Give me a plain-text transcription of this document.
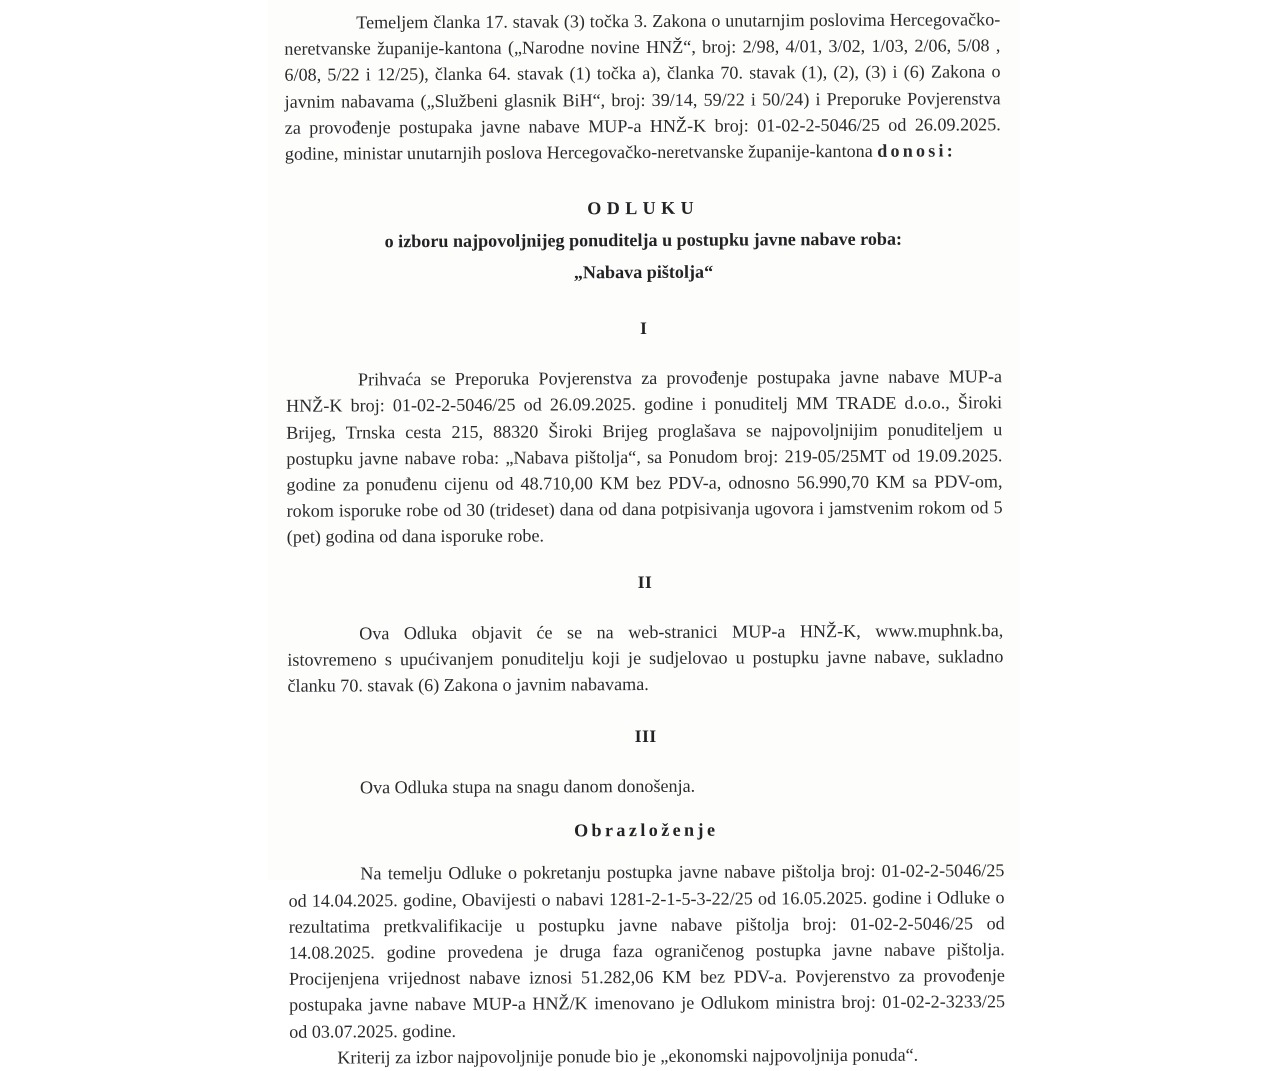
Temeljem članka 17. stavak (3) točka 3. Zakona o unutarnjim poslovima Hercegovačko-neretvanske županije-kantona („Narodne novine HNŽ“, broj: 2/98, 4/01, 3/02, 1/03, 2/06, 5/08 , 6/08, 5/22 i 12/25), članka 64. stavak (1) točka a), članka 70. stavak (1), (2), (3) i (6) Zakona o javnim nabavama („Službeni glasnik BiH“, broj: 39/14, 59/22 i 50/24) i Preporuke Povjerenstva za provođenje postupaka javne nabave MUP-a HNŽ-K broj: 01-02-2-5046/25 od 26.09.2025. godine, ministar unutarnjih poslova Hercegovačko-neretvanske županije-kantona donosi:

ODLUKU

o izboru najpovoljnijeg ponuditelja u postupku javne nabave roba:

„Nabava pištolja“

I

Prihvaća se Preporuka Povjerenstva za provođenje postupaka javne nabave MUP-a HNŽ-K broj: 01-02-2-5046/25 od 26.09.2025. godine i ponuditelj MM TRADE d.o.o., Široki Brijeg, Trnska cesta 215, 88320 Široki Brijeg proglašava se najpovoljnijim ponuditeljem u postupku javne nabave roba: „Nabava pištolja“, sa Ponudom broj: 219-05/25MT od 19.09.2025. godine za ponuđenu cijenu od 48.710,00 KM bez PDV-a, odnosno 56.990,70 KM sa PDV-om, rokom isporuke robe od 30 (trideset) dana od dana potpisivanja ugovora i jamstvenim rokom od 5 (pet) godina od dana isporuke robe.

II

Ova Odluka objavit će se na web-stranici MUP-a HNŽ-K, www.muphnk.ba, istovremeno s upućivanjem ponuditelju koji je sudjelovao u postupku javne nabave, sukladno članku 70. stavak (6) Zakona o javnim nabavama.

III

Ova Odluka stupa na snagu danom donošenja.

Obrazloženje

Na temelju Odluke o pokretanju postupka javne nabave pištolja broj: 01-02-2-5046/25 od 14.04.2025. godine, Obavijesti o nabavi 1281-2-1-5-3-22/25 od 16.05.2025. godine i Odluke o rezultatima pretkvalifikacije u postupku javne nabave pištolja broj: 01-02-2-5046/25 od 14.08.2025. godine provedena je druga faza ograničenog postupka javne nabave pištolja. Procijenjena vrijednost nabave iznosi 51.282,06 KM bez PDV-a. Povjerenstvo za provođenje postupaka javne nabave MUP-a HNŽ/K imenovano je Odlukom ministra broj: 01-02-2-3233/25 od 03.07.2025. godine.

Kriterij za izbor najpovoljnije ponude bio je „ekonomski najpovoljnija ponuda“.
